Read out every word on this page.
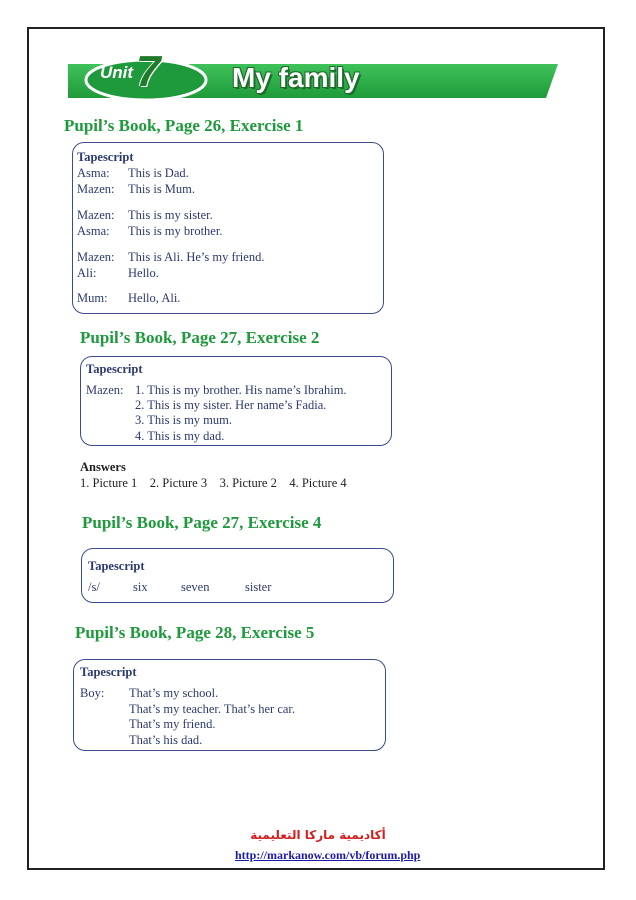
Unit 7	My family
Pupil’s Book, Page 26, Exercise 1
Tapescript
Asma: This is Dad.
Mazen: This is Mum.
Mazen: This is my sister.
Asma: This is my brother.
Mazen: This is Ali. He’s my friend.
Ali:	Hello.
Mum: Hello, Ali.
Pupil’s Book, Page 27, Exercise 2
Tapescript
Mazen: 1. This is my brother. His name’s Ibrahim.
2. This is my sister. Her name’s Fadia.
3. This is my mum.
4. This is my dad.
Answers
1. Picture 1    2. Picture 3    3. Picture 2    4. Picture 4
Pupil’s Book, Page 27, Exercise 4
Tapescript
/s/	six	seven	sister
Pupil’s Book, Page 28, Exercise 5
Tapescript
Boy: That’s my school.
That’s my teacher. That’s her car.
That’s my friend.
That’s his dad.
أكاديمية ماركا التعليمية
http://markanow.com/vb/forum.php
